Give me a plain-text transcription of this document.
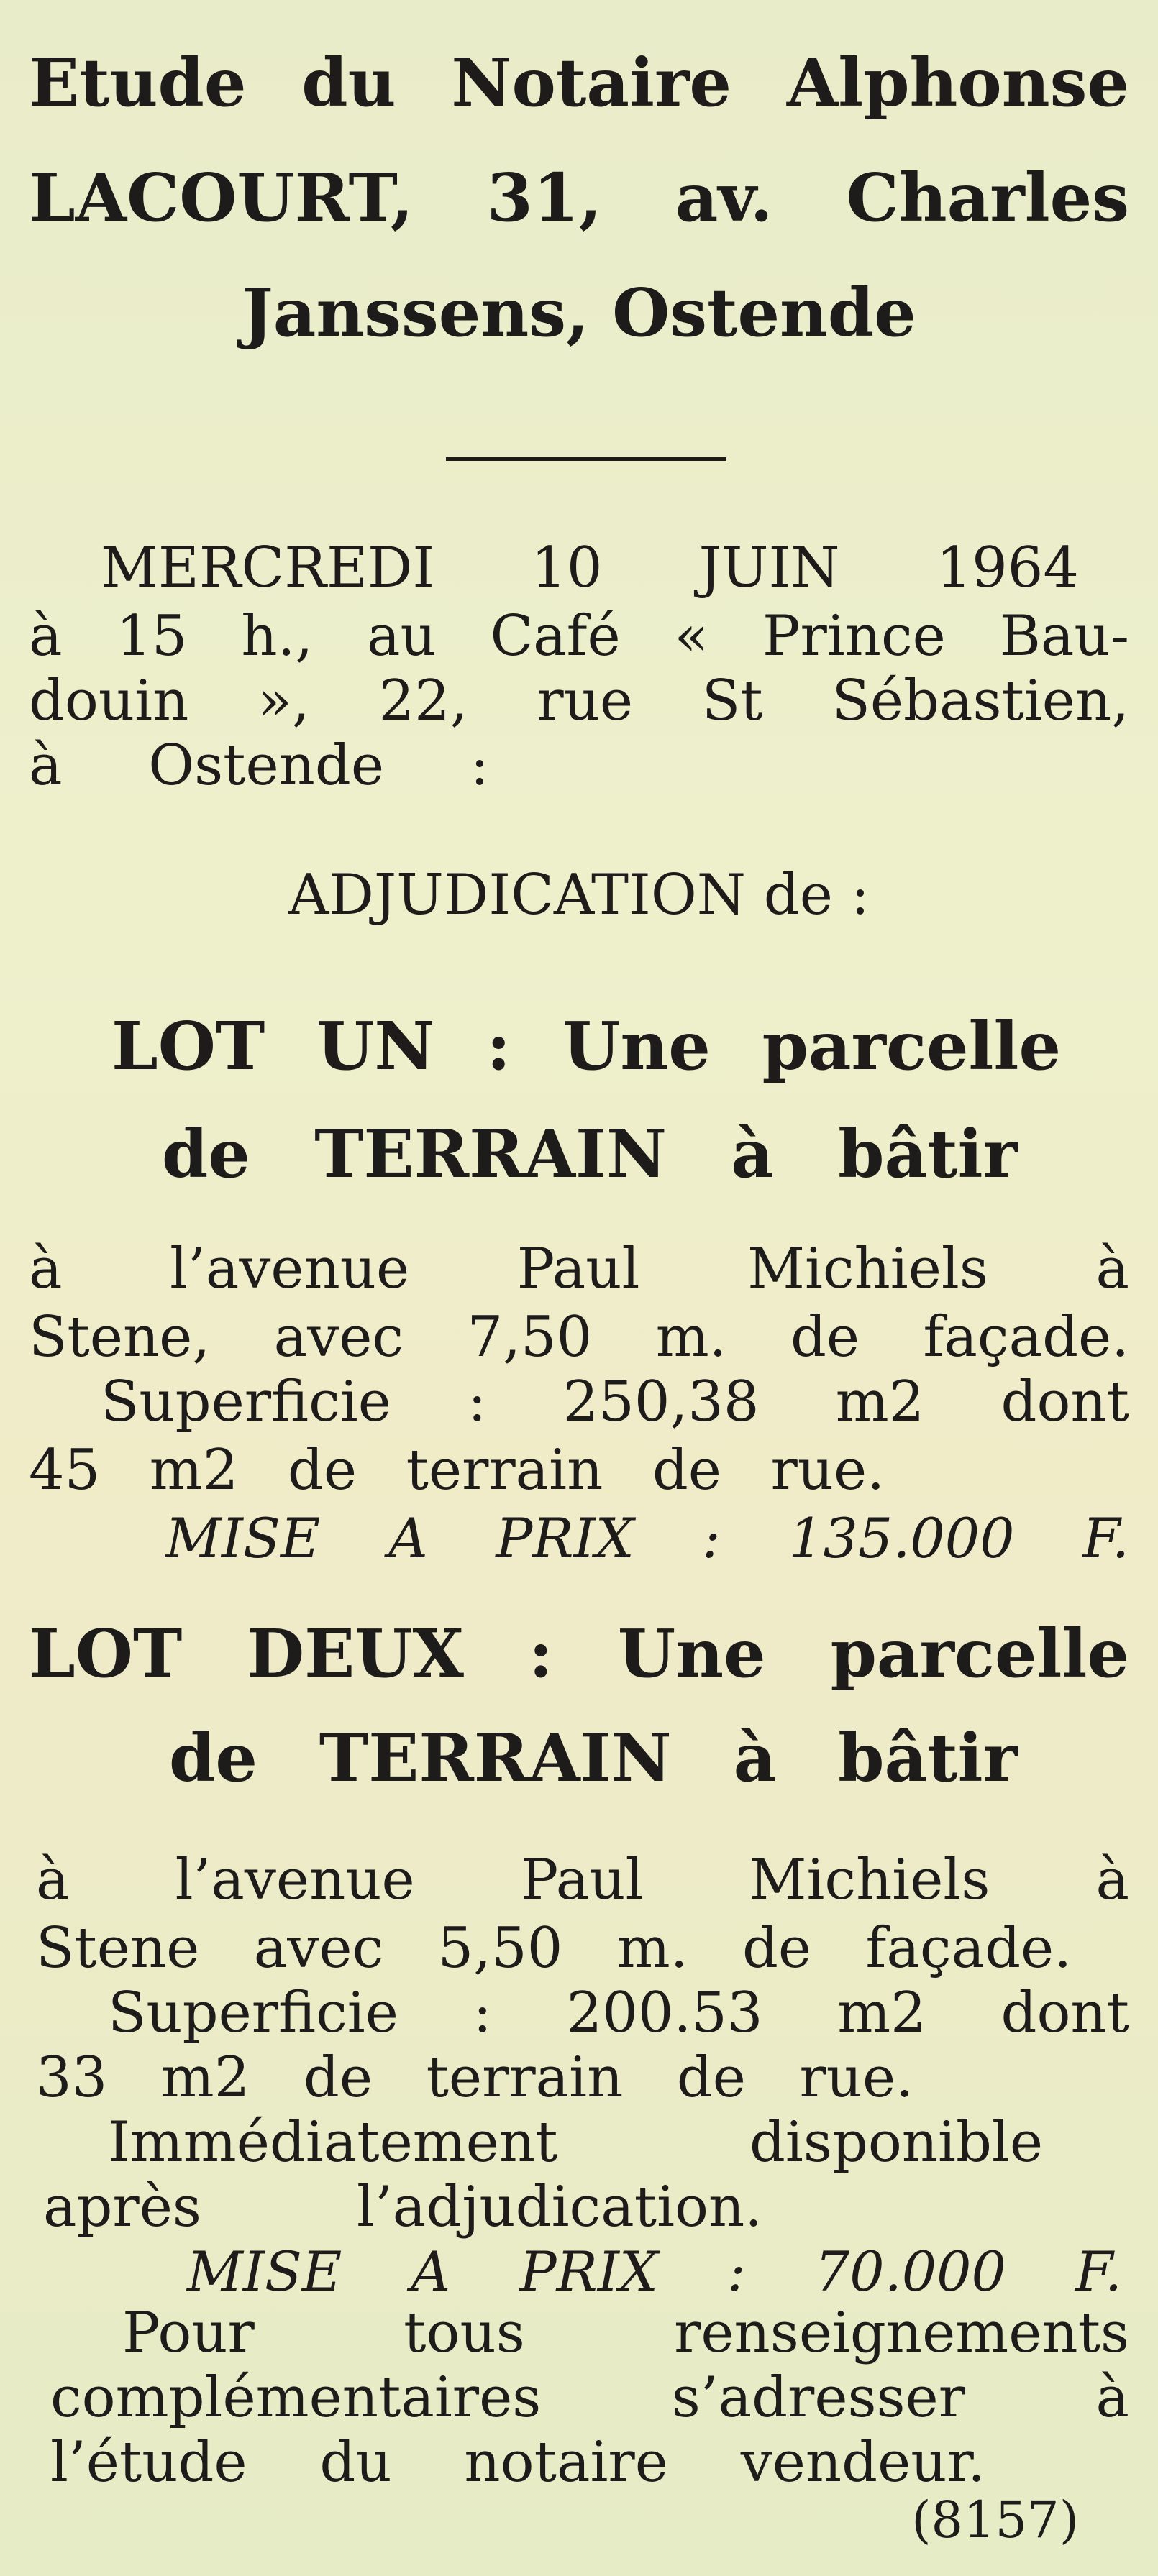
Etude du Notaire Alphonse
LACOURT, 31, av. Charles
Janssens, Ostende
MERCREDI 10 JUIN 1964
à 15 h., au Café « Prince Bau-
douin », 22, rue St Sébastien,
à Ostende :
ADJUDICATION de :
LOT UN : Une parcelle
de TERRAIN à bâtir
à l’avenue Paul Michiels à
Stene, avec 7,50 m. de façade.
Superficie : 250,38 m2 dont
45 m2 de terrain de rue.
MISE A PRIX : 135.000 F.
LOT DEUX : Une parcelle
de TERRAIN à bâtir
à l’avenue Paul Michiels à
Stene avec 5,50 m. de façade.
Superficie : 200.53 m2 dont
33 m2 de terrain de rue.
Immédiatement disponible
après l’adjudication.
MISE A PRIX : 70.000 F.
Pour tous renseignements
complémentaires s’adresser à
l’étude du notaire vendeur.
(8157)
